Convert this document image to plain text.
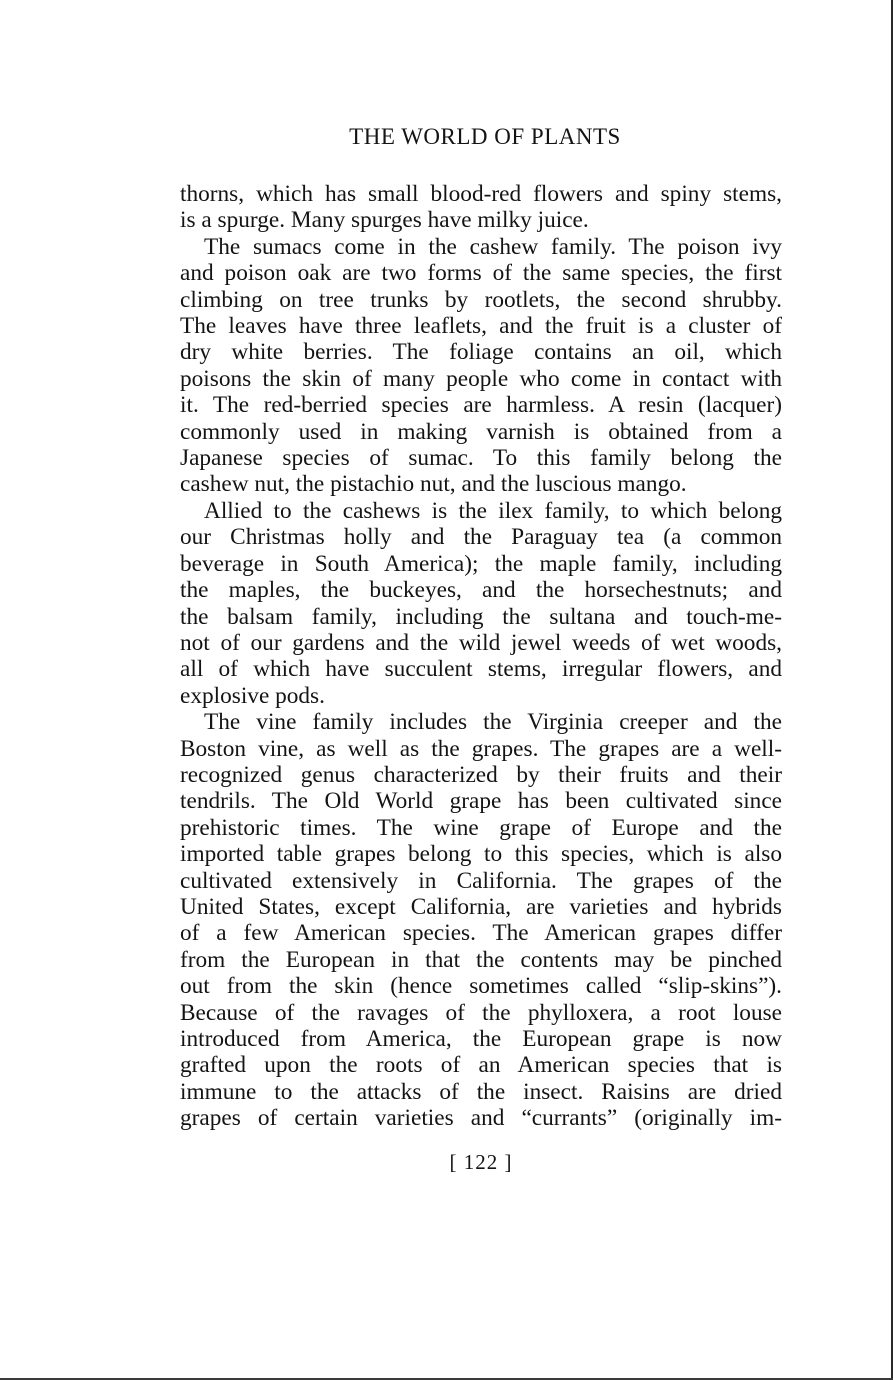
THE WORLD OF PLANTS
thorns, which has small blood-red flowers and spiny stems,
is a spurge. Many spurges have milky juice.
The sumacs come in the cashew family. The poison ivy
and poison oak are two forms of the same species, the first
climbing on tree trunks by rootlets, the second shrubby.
The leaves have three leaflets, and the fruit is a cluster of
dry white berries. The foliage contains an oil, which
poisons the skin of many people who come in contact with
it. The red-berried species are harmless. A resin (lacquer)
commonly used in making varnish is obtained from a
Japanese species of sumac. To this family belong the
cashew nut, the pistachio nut, and the luscious mango.
Allied to the cashews is the ilex family, to which belong
our Christmas holly and the Paraguay tea (a common
beverage in South America); the maple family, including
the maples, the buckeyes, and the horsechestnuts; and
the balsam family, including the sultana and touch-me-
not of our gardens and the wild jewel weeds of wet woods,
all of which have succulent stems, irregular flowers, and
explosive pods.
The vine family includes the Virginia creeper and the
Boston vine, as well as the grapes. The grapes are a well-
recognized genus characterized by their fruits and their
tendrils. The Old World grape has been cultivated since
prehistoric times. The wine grape of Europe and the
imported table grapes belong to this species, which is also
cultivated extensively in California. The grapes of the
United States, except California, are varieties and hybrids
of a few American species. The American grapes differ
from the European in that the contents may be pinched
out from the skin (hence sometimes called “slip-skins”).
Because of the ravages of the phylloxera, a root louse
introduced from America, the European grape is now
grafted upon the roots of an American species that is
immune to the attacks of the insect. Raisins are dried
grapes of certain varieties and “currants” (originally im-
[ 122 ]
